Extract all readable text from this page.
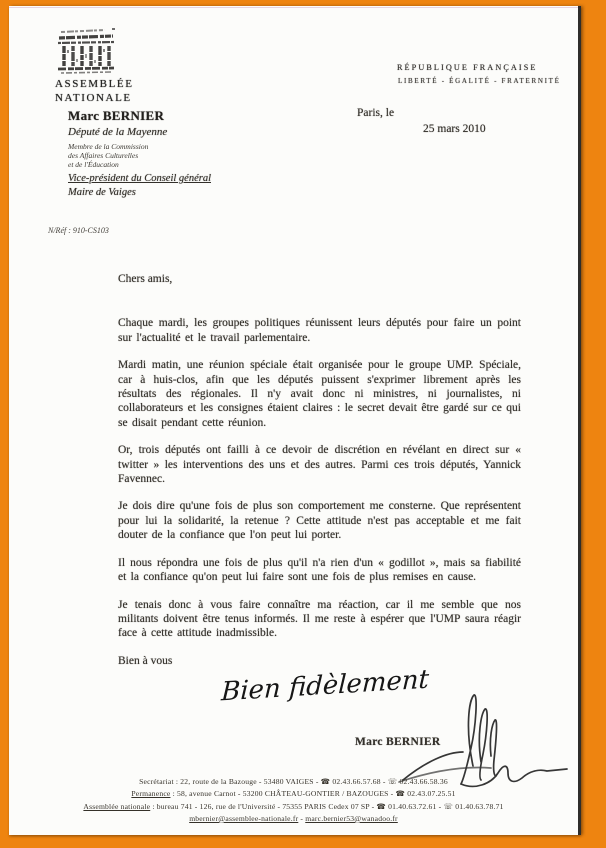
ASSEMBLÉE
NATIONALE
RÉPUBLIQUE FRANÇAISE
LIBERTÉ - ÉGALITÉ - FRATERNITÉ
Paris, le
25 mars 2010
Marc BERNIER
Député de la Mayenne
Membre de la Commission
des Affaires Culturelles
et de l'Éducation
Vice-président du Conseil général
Maire de Vaiges
N/Réf : 910-CS103
Chers amis,

Chaque mardi, les groupes politiques réunissent leurs députés pour faire un point sur l'actualité et le travail parlementaire.

Mardi matin, une réunion spéciale était organisée pour le groupe UMP. Spéciale, car à huis-clos, afin que les députés puissent s'exprimer librement après les résultats des régionales. Il n'y avait donc ni ministres, ni journalistes, ni collaborateurs et les consignes étaient claires : le secret devait être gardé sur ce qui se disait pendant cette réunion.

Or, trois députés ont failli à ce devoir de discrétion en révélant en direct sur « twitter » les interventions des uns et des autres. Parmi ces trois députés, Yannick Favennec.

Je dois dire qu'une fois de plus son comportement me consterne. Que représentent pour lui la solidarité, la retenue ? Cette attitude n'est pas acceptable et me fait douter de la confiance que l'on peut lui porter.

Il nous répondra une fois de plus qu'il n'a rien d'un « godillot », mais sa fiabilité et la confiance qu'on peut lui faire sont une fois de plus remises en cause.

Je tenais donc à vous faire connaître ma réaction, car il me semble que nos militants doivent être tenus informés. Il me reste à espérer que l'UMP saura réagir face à cette attitude inadmissible.

Bien à vous
Bien fidèlement
Marc BERNIER
Secrétariat : 22, route de la Bazouge - 53480 VAIGES - ☎ 02.43.66.57.68 - ☏ 02.43.66.58.36
Permanence : 58, avenue Carnot - 53200 CHÂTEAU-GONTIER / BAZOUGES - ☎ 02.43.07.25.51
Assemblée nationale : bureau 741 - 126, rue de l'Université - 75355 PARIS Cedex 07 SP - ☎ 01.40.63.72.61 - ☏ 01.40.63.78.71
mbernier@assemblee-nationale.fr - marc.bernier53@wanadoo.fr
